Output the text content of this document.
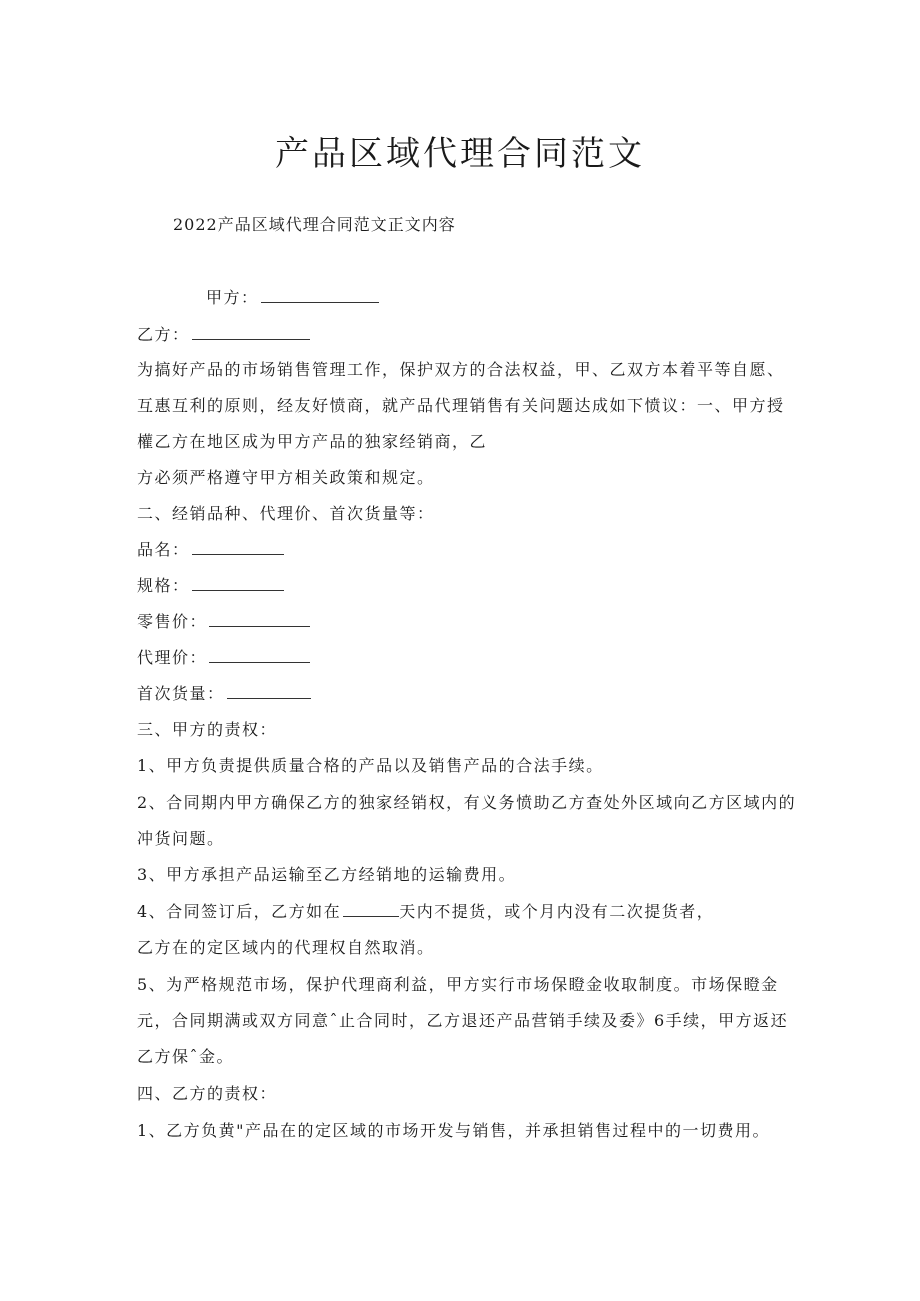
产品区域代理合同范文
2022产品区域代理合同范文正文内容
甲方：
乙方：
为搞好产品的市场销售管理工作，保护双方的合法权益，甲、乙双方本着平等自愿、
互惠互利的原则，经友好愤商，就产品代理销售有关问题达成如下愤议：一、甲方授
權乙方在地区成为甲方产品的独家经销商，乙
方必须严格遵守甲方相关政策和规定。
二、经销品种、代理价、首次货量等：
品名：
规格：
零售价：
代理价：
首次货量：
三、甲方的责权：
1、甲方负责提供质量合格的产品以及销售产品的合法手续。
2、合同期内甲方确保乙方的独家经销权，有义务愤助乙方查处外区域向乙方区域内的
冲货问题。
3、甲方承担产品运输至乙方经销地的运输费用。
4、合同签订后，乙方如在	天内不提货，或个月内没有二次提货者，
乙方在的定区域内的代理权自然取消。
5、为严格规范市场，保护代理商利益，甲方实行市场保瞪金收取制度。市场保瞪金
元，合同期满或双方同意ˆ止合同时，乙方退还产品营销手续及委》6手续，甲方返还
乙方保ˆ金。
四、乙方的责权：
1、乙方负黄"产品在的定区域的市场开发与销售，并承担销售过程中的一切费用。
